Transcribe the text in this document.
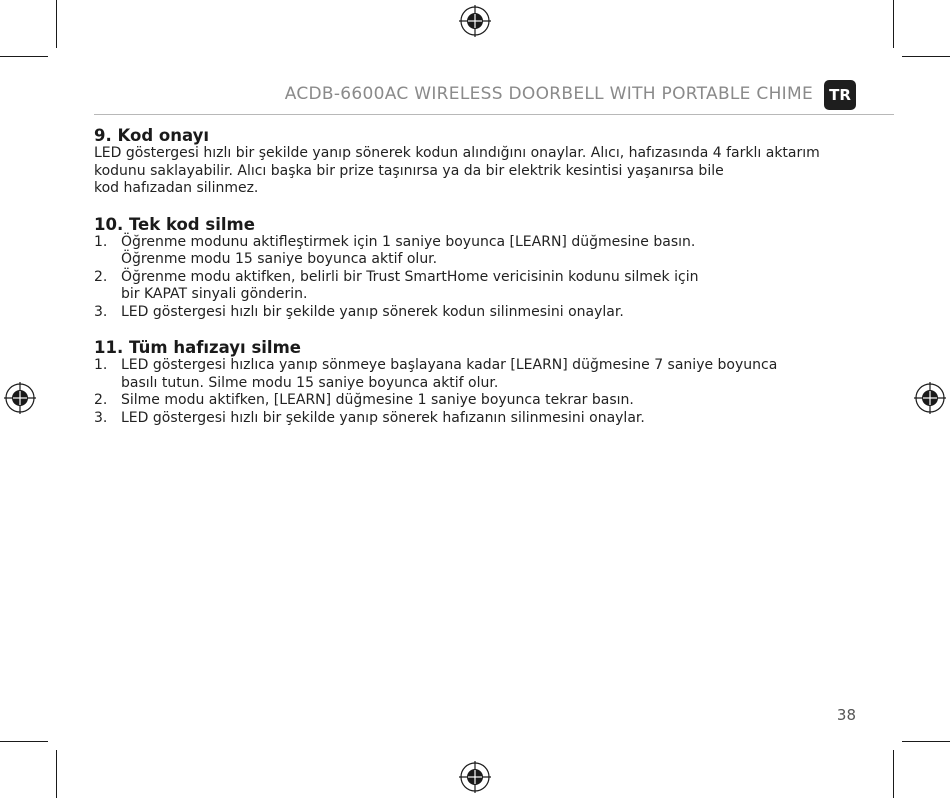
ACDB-6600AC WIRELESS DOORBELL WITH PORTABLE CHIME	TR
9. Kod onayı

LED göstergesi hızlı bir şekilde yanıp sönerek kodun alındığını onaylar. Alıcı, hafızasında 4 farklı aktarım
kodunu saklayabilir. Alıcı başka bir prize taşınırsa ya da bir elektrik kesintisi yaşanırsa bile
kod hafızadan silinmez.

10. Tek kod silme
1. Öğrenme modunu aktifleştirmek için 1 saniye boyunca [LEARN] düğmesine basın.
Öğrenme modu 15 saniye boyunca aktif olur.
2. Öğrenme modu aktifken, belirli bir Trust SmartHome vericisinin kodunu silmek için
bir KAPAT sinyali gönderin.
3. LED göstergesi hızlı bir şekilde yanıp sönerek kodun silinmesini onaylar.
11. Tüm hafızayı silme
1. LED göstergesi hızlıca yanıp sönmeye başlayana kadar [LEARN] düğmesine 7 saniye boyunca
basılı tutun. Silme modu 15 saniye boyunca aktif olur.
2. Silme modu aktifken, [LEARN] düğmesine 1 saniye boyunca tekrar basın.
3. LED göstergesi hızlı bir şekilde yanıp sönerek hafızanın silinmesini onaylar.
38
